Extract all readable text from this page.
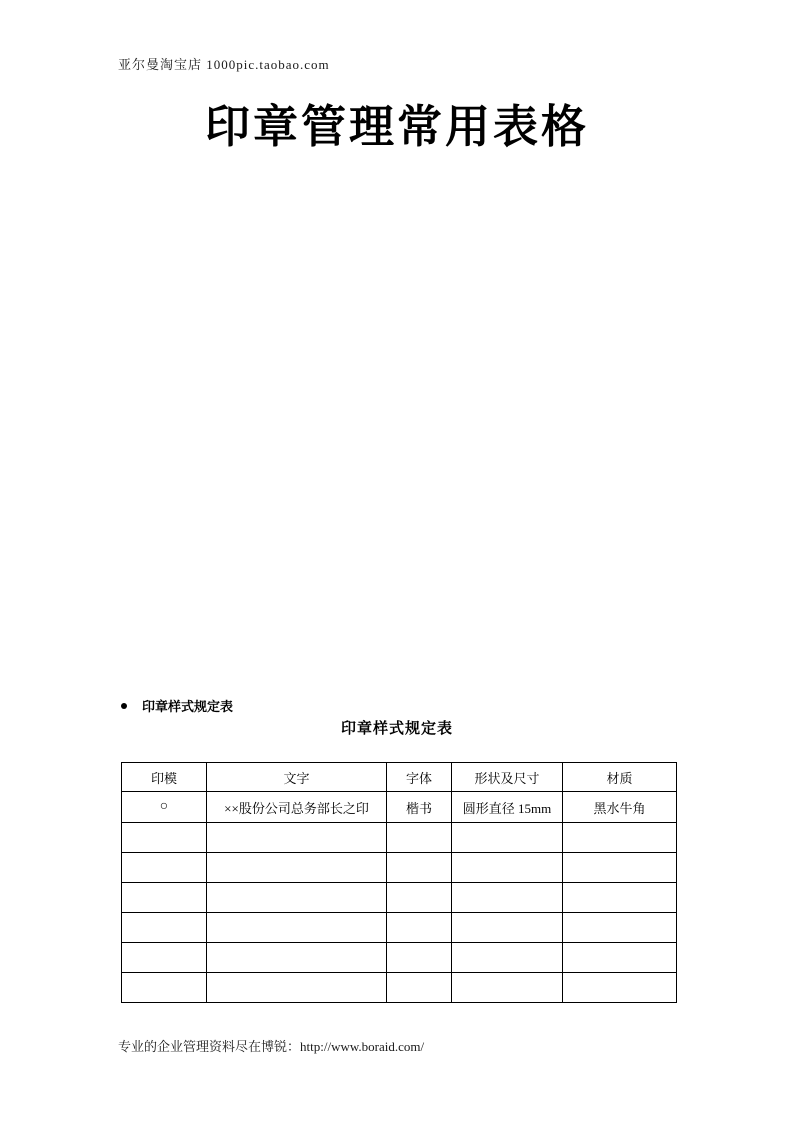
亚尔曼淘宝店 1000pic.taobao.com
印章管理常用表格
印章样式规定表
印章样式规定表
印模	文字	字体	形状及尺寸	材质
○	××股份公司总务部长之印	楷书	圆形直径 15mm	黑水牛角

专业的企业管理资料尽在博锐：http://www.boraid.com/
